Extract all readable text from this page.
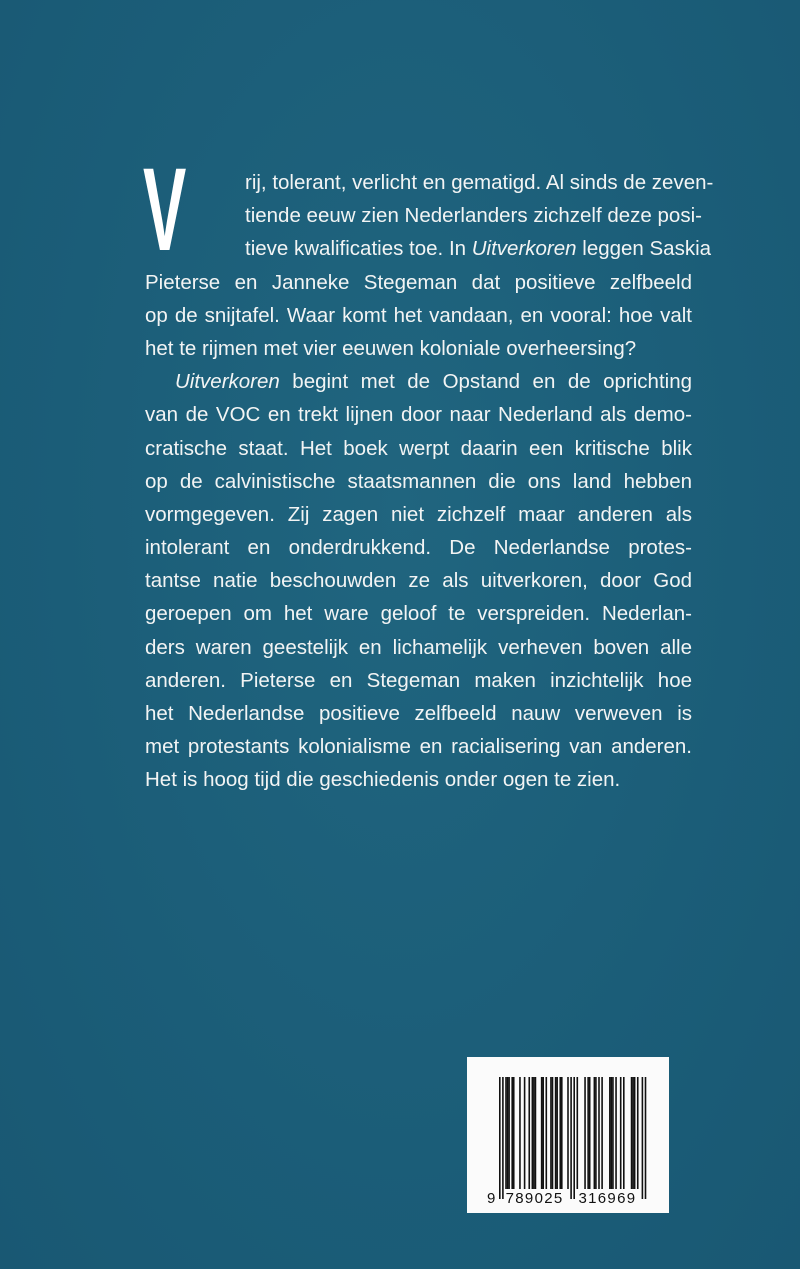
V	rij, tolerant, verlicht en gematigd. Al sinds de zeven-
tiende eeuw zien Nederlanders zichzelf deze posi-
tieve kwalificaties toe. In Uitverkoren leggen Saskia
Pieterse en Janneke Stegeman dat positieve zelfbeeld
op de snijtafel. Waar komt het vandaan, en vooral: hoe valt
het te rijmen met vier eeuwen koloniale overheersing?
Uitverkoren begint met de Opstand en de oprichting
van de VOC en trekt lijnen door naar Nederland als demo-
cratische staat. Het boek werpt daarin een kritische blik
op de calvinistische staatsmannen die ons land hebben
vormgegeven. Zij zagen niet zichzelf maar anderen als
intolerant en onderdrukkend. De Nederlandse protes-
tantse natie beschouwden ze als uitverkoren, door God
geroepen om het ware geloof te verspreiden. Nederlan-
ders waren geestelijk en lichamelijk verheven boven alle
anderen. Pieterse en Stegeman maken inzichtelijk hoe
het Nederlandse positieve zelfbeeld nauw verweven is
met protestants kolonialisme en racialisering van anderen.
Het is hoog tijd die geschiedenis onder ogen te zien.
9 789025 316969
